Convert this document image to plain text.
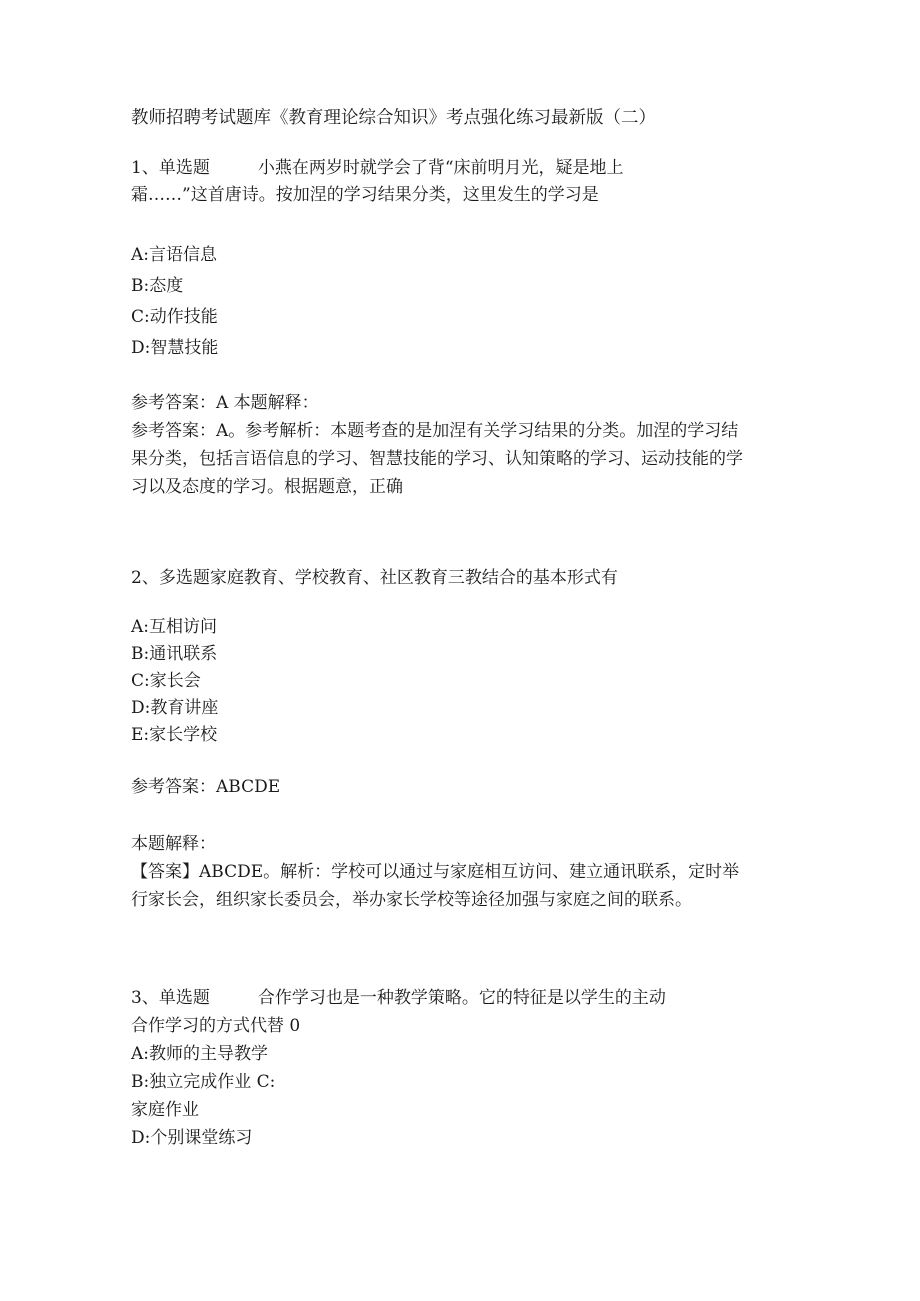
教师招聘考试题库《教育理论综合知识》考点强化练习最新版（二）

1、单选题	小燕在两岁时就学会了背“床前明月光，疑是地上

霜……”这首唐诗。按加涅的学习结果分类，这里发生的学习是

A:言语信息

B:态度

C:动作技能

D:智慧技能

参考答案：A 本题解释：

参考答案：A。参考解析：本题考查的是加涅有关学习结果的分类。加涅的学习结

果分类，包括言语信息的学习、智慧技能的学习、认知策略的学习、运动技能的学

习以及态度的学习。根据题意，正确

2、多选题家庭教育、学校教育、社区教育三教结合的基本形式有

A:互相访问

B:通讯联系

C:家长会

D:教育讲座

E:家长学校

参考答案：ABCDE

本题解释：

【答案】ABCDE。解析：学校可以通过与家庭相互访问、建立通讯联系，定时举

行家长会，组织家长委员会，举办家长学校等途径加强与家庭之间的联系。

3、单选题	合作学习也是一种教学策略。它的特征是以学生的主动

合作学习的方式代替 0

A:教师的主导教学

B:独立完成作业 C:

家庭作业

D:个别课堂练习
